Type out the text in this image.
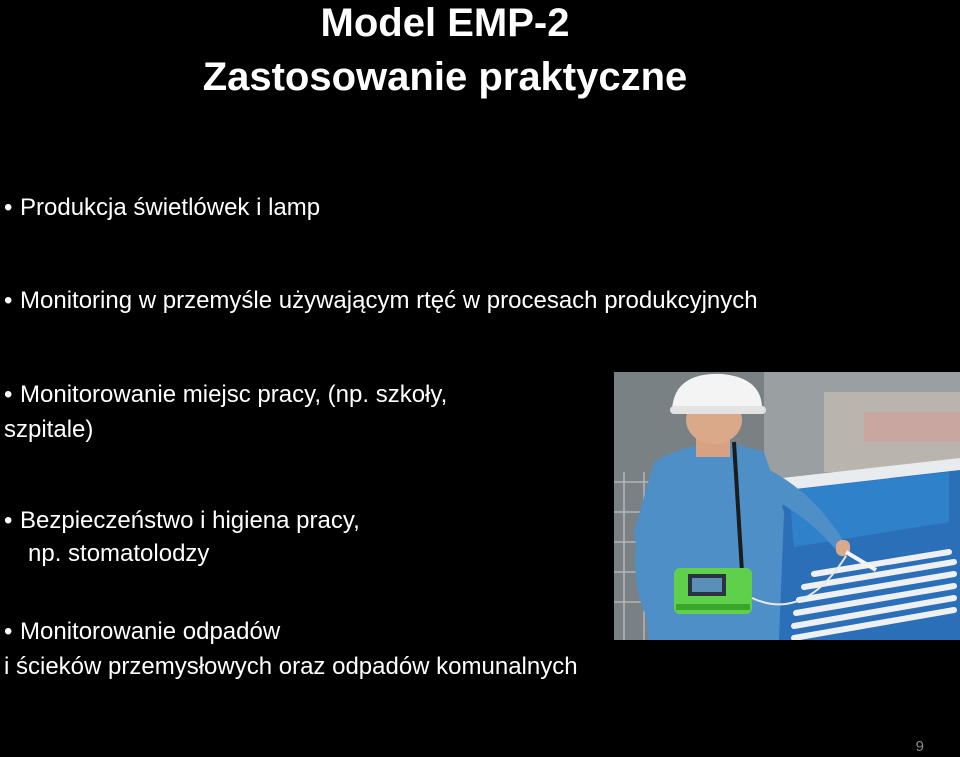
Model EMP-2
Zastosowanie praktyczne
• Produkcja świetlówek i lamp
• Monitoring w przemyśle używającym rtęć w procesach produkcyjnych
• Monitorowanie miejsc pracy, (np. szkoły,
szpitale)
• Bezpieczeństwo i higiena pracy,
np. stomatolodzy
• Monitorowanie odpadów
i ścieków przemysłowych oraz odpadów komunalnych
9
